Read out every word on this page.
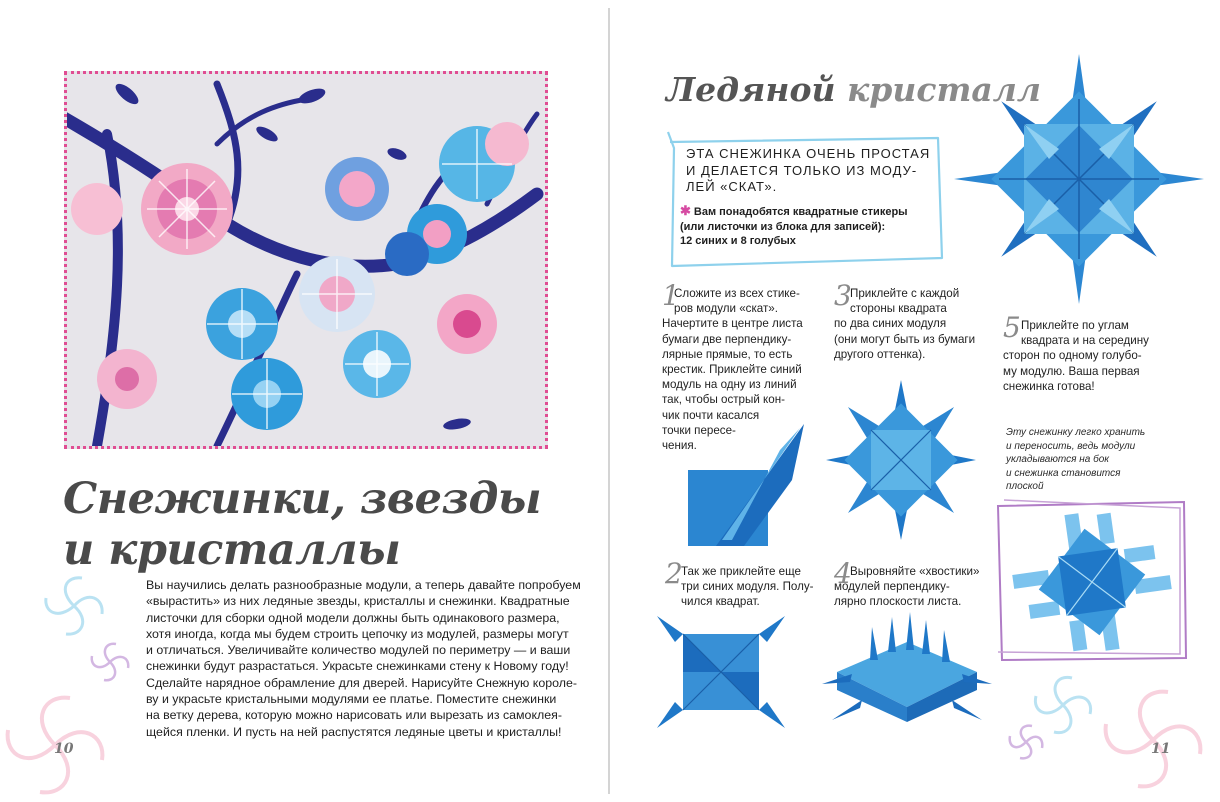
Снежинки, звезды
и кристаллы
Вы научились делать разнообразные модули, а теперь давайте попробуем
«вырастить» из них ледяные звезды, кристаллы и снежинки. Квадратные
листочки для сборки одной модели должны быть одинакового размера,
хотя иногда, когда мы будем строить цепочку из модулей, размеры могут
и отличаться. Увеличивайте количество модулей по периметру — и ваши
снежинки будут разрастаться. Украсьте снежинками стену к Новому году!
Сделайте нарядное обрамление для дверей. Нарисуйте Снежную короле-
ву и украсьте кристальными модулями ее платье. Поместите снежинки
на ветку дерева, которую можно нарисовать или вырезать из самоклея-
щейся пленки. И пусть на ней распустятся ледяные цветы и кристаллы!
10
Ледяной кристалл
ЭТА СНЕЖИНКА ОЧЕНЬ ПРОСТАЯ
И ДЕЛАЕТСЯ ТОЛЬКО ИЗ МОДУ-
ЛЕЙ «СКАТ».
✱ Вам понадобятся квадратные стикеры
(или листочки из блока для записей):
12 синих и 8 голубых
1
Сложите из всех стике-
ров модули «скат».
Начертите в центре листа
бумаги две перпендику-
лярные прямые, то есть
крестик. Приклейте синий
модуль на одну из линий
так, чтобы острый кон-
чик почти касался
точки пересе-
чения.
3
Приклейте с каждой
стороны квадрата
по два синих модуля
(они могут быть из бумаги
другого оттенка).
5 Приклейте по углам
квадрата и на середину
сторон по одному голубо-
му модулю. Ваша первая
снежинка готова!
2
Так же приклейте еще
три синих модуля. Полу-
чился квадрат.
4
Выровняйте «хвостики»
модулей перпендику-
лярно плоскости листа.
Эту снежинку легко хранить
и переносить, ведь модули
укладываются на бок
и снежинка становится
плоской
11
